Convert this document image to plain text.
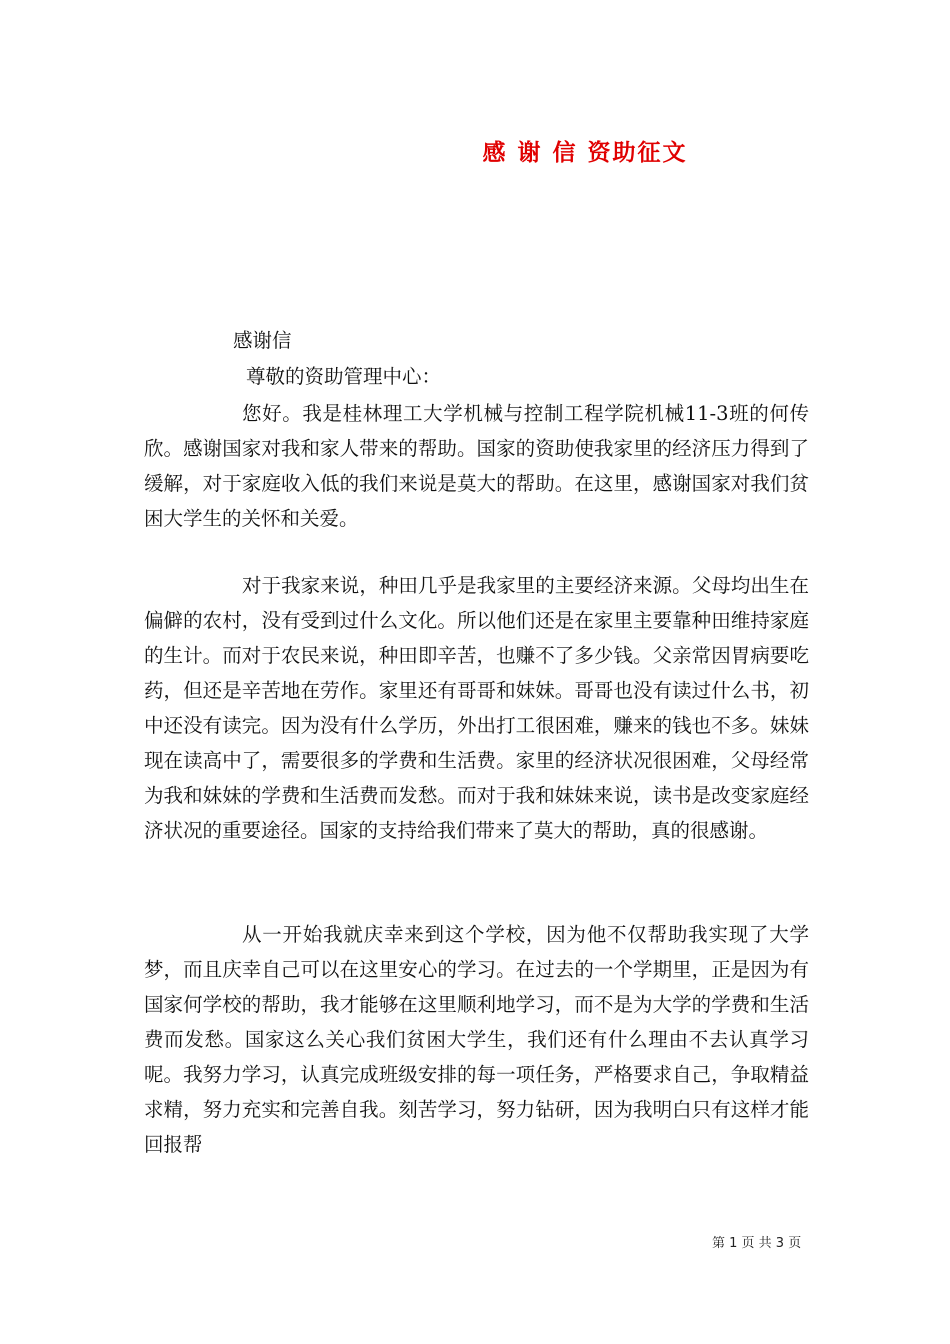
感 谢 信 资助征文
感谢信
尊敬的资助管理中心：

您好。我是桂林理工大学机械与控制工程学院机械11-3班的何传欣。感谢国家对我和家人带来的帮助。国家的资助使我家里的经济压力得到了缓解，对于家庭收入低的我们来说是莫大的帮助。在这里，感谢国家对我们贫困大学生的关怀和关爱。

对于我家来说，种田几乎是我家里的主要经济来源。父母均出生在偏僻的农村，没有受到过什么文化。所以他们还是在家里主要靠种田维持家庭的生计。而对于农民来说，种田即辛苦，也赚不了多少钱。父亲常因胃病要吃药，但还是辛苦地在劳作。家里还有哥哥和妹妹。哥哥也没有读过什么书，初中还没有读完。因为没有什么学历，外出打工很困难，赚来的钱也不多。妹妹现在读高中了，需要很多的学费和生活费。家里的经济状况很困难，父母经常为我和妹妹的学费和生活费而发愁。而对于我和妹妹来说，读书是改变家庭经济状况的重要途径。国家的支持给我们带来了莫大的帮助，真的很感谢。

从一开始我就庆幸来到这个学校，因为他不仅帮助我实现了大学梦，而且庆幸自己可以在这里安心的学习。在过去的一个学期里，正是因为有国家何学校的帮助，我才能够在这里顺利地学习，而不是为大学的学费和生活费而发愁。国家这么关心我们贫困大学生，我们还有什么理由不去认真学习呢。我努力学习，认真完成班级安排的每一项任务，严格要求自己，争取精益求精，努力充实和完善自我。刻苦学习，努力钻研，因为我明白只有这样才能回报帮

第 1 页 共 3 页
